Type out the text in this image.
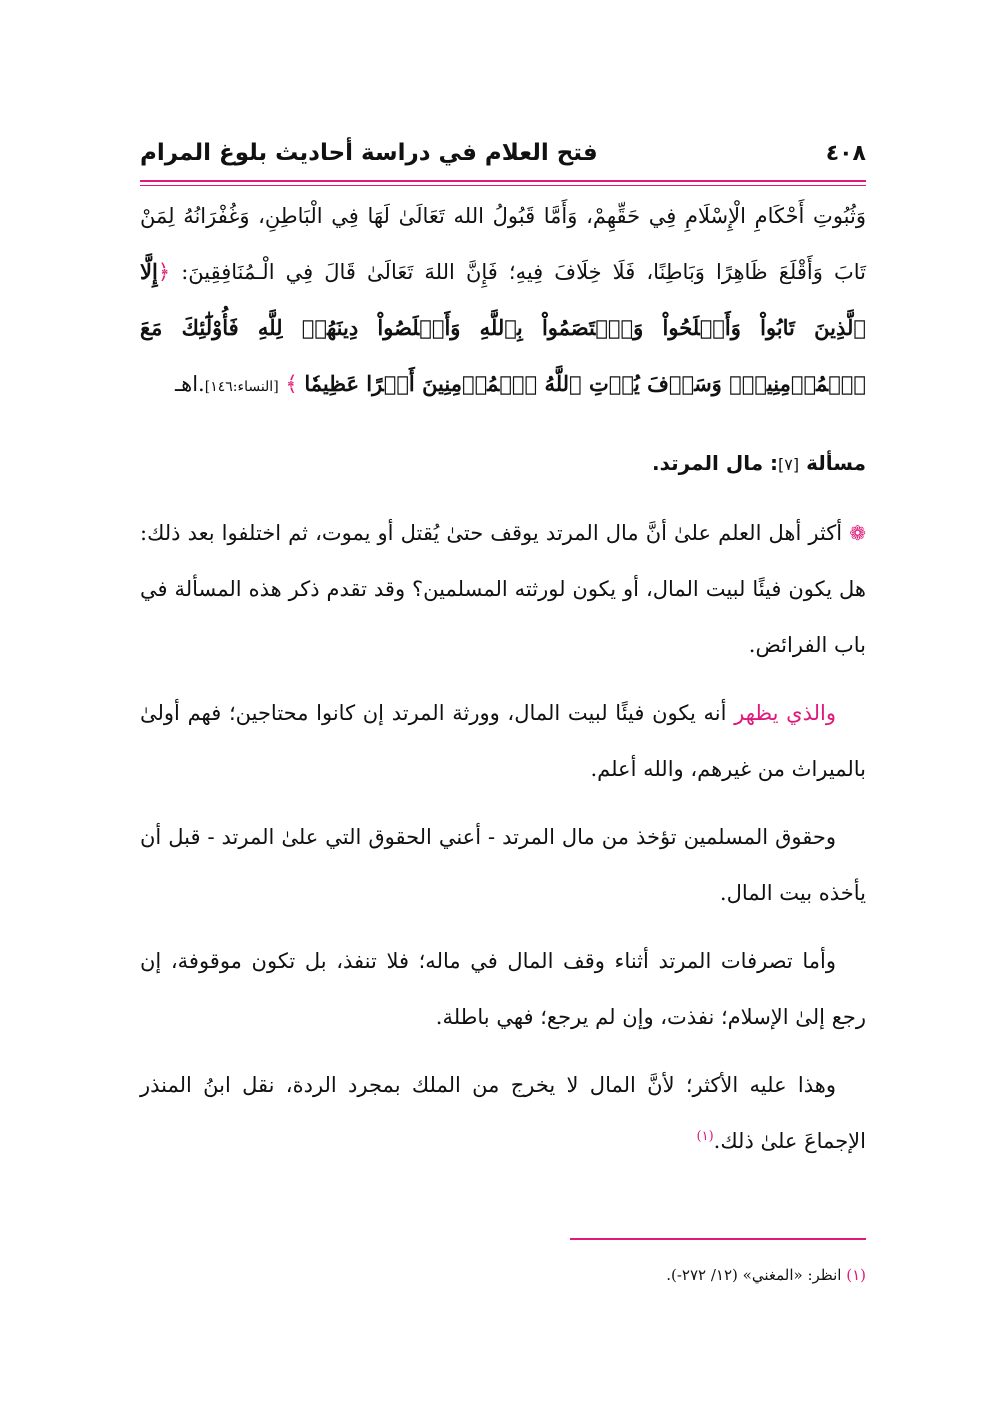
٤٠٨
فتح العلام في دراسة أحاديث بلوغ المرام

وَثُبُوتِ أَحْكَامِ الْإِسْلَامِ فِي حَقِّهِمْ، وَأَمَّا قَبُولُ الله تَعَالَىٰ لَهَا فِي الْبَاطِنِ، وَغُفْرَانُهُ لِمَنْ تَابَ وَأَقْلَعَ ظَاهِرًا وَبَاطِنًا، فَلَا خِلَافَ فِيهِ؛ فَإِنَّ اللهَ تَعَالَىٰ قَالَ فِي الْـمُنَافِقِينَ: ﴿إِلَّا ٱلَّذِينَ تَابُواْ وَأَصۡلَحُواْ وَٱعۡتَصَمُواْ بِٱللَّهِ وَأَخۡلَصُواْ دِينَهُمۡ لِلَّهِ فَأُوْلَٰٓئِكَ مَعَ ٱلۡمُؤۡمِنِينَۖ وَسَوۡفَ يُؤۡتِ ٱللَّهُ ٱلۡمُؤۡمِنِينَ أَجۡرًا عَظِيمٗا ﴾ [النساء:١٤٦].اهـ

مسألة [٧]: مال المرتد.

❁ أكثر أهل العلم علىٰ أنَّ مال المرتد يوقف حتىٰ يُقتل أو يموت، ثم اختلفوا بعد ذلك: هل يكون فيئًا لبيت المال، أو يكون لورثته المسلمين؟ وقد تقدم ذكر هذه المسألة في باب الفرائض.

والذي يظهر أنه يكون فيئًا لبيت المال، وورثة المرتد إن كانوا محتاجين؛ فهم أولىٰ بالميراث من غيرهم، والله أعلم.

وحقوق المسلمين تؤخذ من مال المرتد - أعني الحقوق التي علىٰ المرتد - قبل أن يأخذه بيت المال.

وأما تصرفات المرتد أثناء وقف المال في ماله؛ فلا تنفذ، بل تكون موقوفة، إن رجع إلىٰ الإسلام؛ نفذت، وإن لم يرجع؛ فهي باطلة.

وهذا عليه الأكثر؛ لأنَّ المال لا يخرج من الملك بمجرد الردة، نقل ابنُ المنذر الإجماعَ علىٰ ذلك.$^{(١)}$

(١) انظر: «المغني» (١٢/ ٢٧٢-).
